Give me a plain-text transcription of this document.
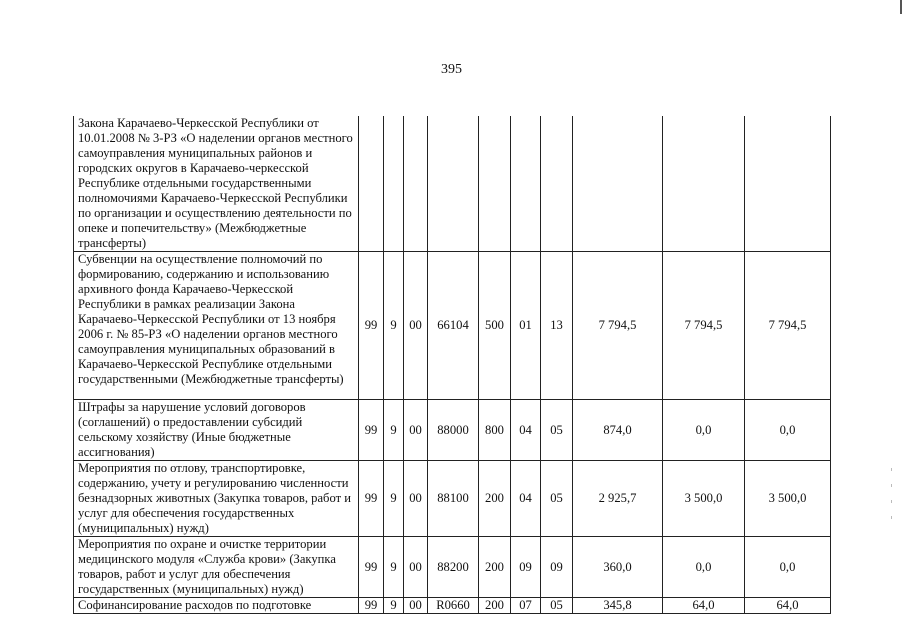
395
Закона Карачаево-Черкесской Республики от 10.01.2008 № 3-РЗ «О наделении органов местного самоуправления муниципальных районов и городских округов в Карачаево-черкесской Республике отдельными государственными полномочиями Карачаево-Черкесской Республики по организации и осуществлению деятельности по опеке и попечительству» (Межбюджетные трансферты)										
Субвенции на осуществление полномочий по формированию, содержанию и использованию архивного фонда Карачаево-Черкесской Республики в рамках реализации Закона Карачаево-Черкесской Республики от 13 ноября 2006 г. № 85-РЗ «О наделении органов местного самоуправления муниципальных образований в Карачаево-Черкесской Республике отдельными государственными (Межбюджетные трансферты)	99	9	00	66104	500	01	13	7 794,5	7 794,5	7 794,5
Штрафы за нарушение условий договоров (соглашений) о предоставлении субсидий сельскому хозяйству (Иные бюджетные ассигнования)	99	9	00	88000	800	04	05	874,0	0,0	0,0
Мероприятия по отлову, транспортировке, содержанию, учету и регулированию численности безнадзорных животных (Закупка товаров, работ и услуг для обеспечения государственных (муниципальных) нужд)	99	9	00	88100	200	04	05	2 925,7	3 500,0	3 500,0
Мероприятия по охране и очистке территории медицинского модуля «Служба крови» (Закупка товаров, работ и услуг для обеспечения государственных (муниципальных) нужд)	99	9	00	88200	200	09	09	360,0	0,0	0,0
Софинансирование расходов по подготовке	99	9	00	R0660	200	07	05	345,8	64,0	64,0
